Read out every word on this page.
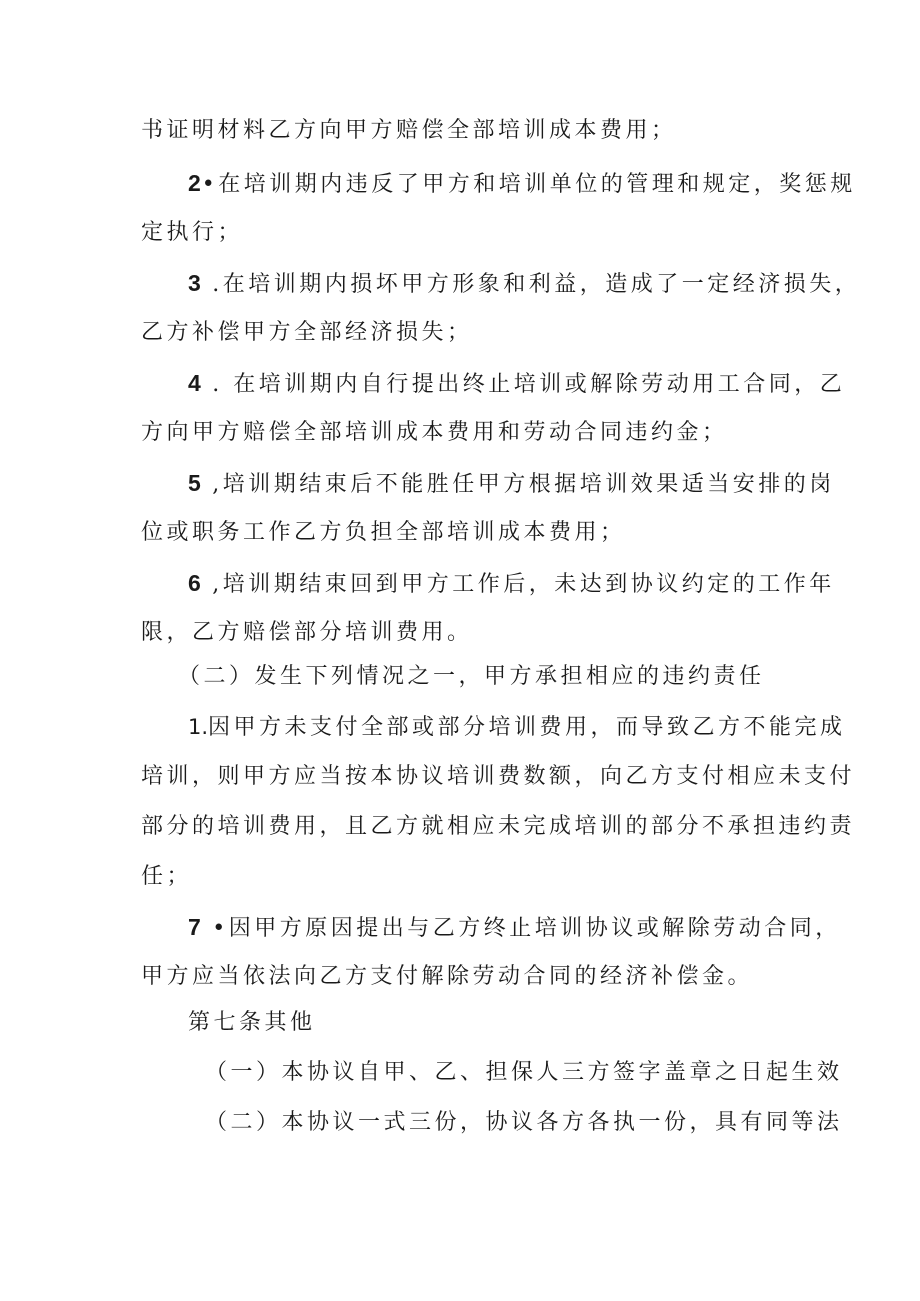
书证明材料乙方向甲方赔偿全部培训成本费用；
2•在培训期内违反了甲方和培训单位的管理和规定，奖惩规
定执行；
3 .在培训期内损坏甲方形象和利益，造成了一定经济损失，
乙方补偿甲方全部经济损失；
4 . 在培训期内自行提出终止培训或解除劳动用工合同，乙
方向甲方赔偿全部培训成本费用和劳动合同违约金；
5 ,培训期结束后不能胜任甲方根据培训效果适当安排的岗
位或职务工作乙方负担全部培训成本费用；
6 ,培训期结束回到甲方工作后，未达到协议约定的工作年
限，乙方赔偿部分培训费用。
（二）发生下列情况之一，甲方承担相应的违约责任
1.因甲方未支付全部或部分培训费用，而导致乙方不能完成
培训，则甲方应当按本协议培训费数额，向乙方支付相应未支付
部分的培训费用，且乙方就相应未完成培训的部分不承担违约责
任；
7 •因甲方原因提出与乙方终止培训协议或解除劳动合同，
甲方应当依法向乙方支付解除劳动合同的经济补偿金。
第七条其他
（一）本协议自甲、乙、担保人三方签字盖章之日起生效
（二）本协议一式三份，协议各方各执一份，具有同等法
